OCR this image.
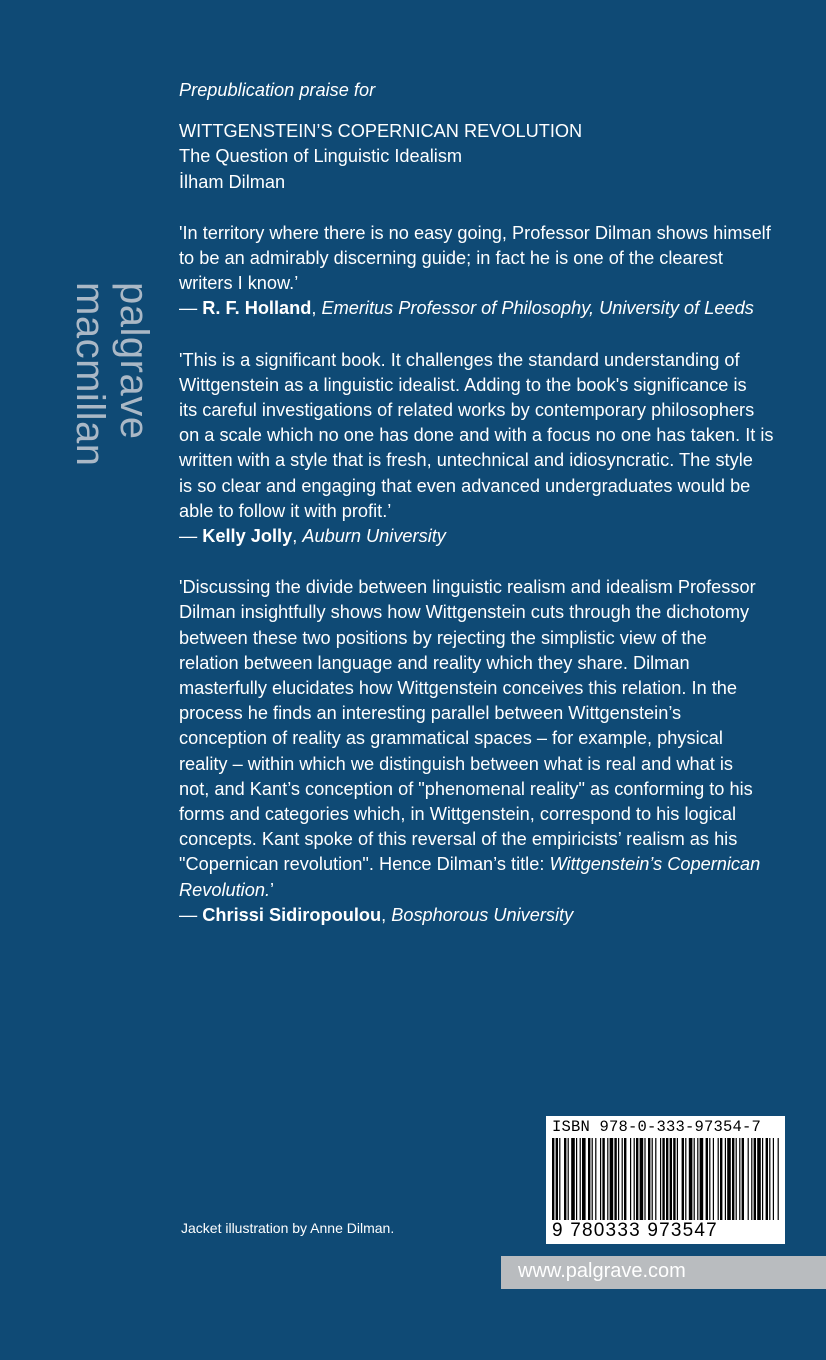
palgrave
macmillan

Prepublication praise for

WITTGENSTEIN’S COPERNICAN REVOLUTION

The Question of Linguistic Idealism

İlham Dilman

'In territory where there is no easy going, Professor Dilman shows himself

to be an admirably discerning guide; in fact he is one of the clearest

writers I know.’

— R. F. Holland, Emeritus Professor of Philosophy, University of Leeds

'This is a significant book. It challenges the standard understanding of

Wittgenstein as a linguistic idealist. Adding to the book's significance is

its careful investigations of related works by contemporary philosophers

on a scale which no one has done and with a focus no one has taken. It is

written with a style that is fresh, untechnical and idiosyncratic. The style

is so clear and engaging that even advanced undergraduates would be

able to follow it with profit.’

— Kelly Jolly, Auburn University

'Discussing the divide between linguistic realism and idealism Professor

Dilman insightfully shows how Wittgenstein cuts through the dichotomy

between these two positions by rejecting the simplistic view of the

relation between language and reality which they share. Dilman

masterfully elucidates how Wittgenstein conceives this relation. In the

process he finds an interesting parallel between Wittgenstein’s

conception of reality as grammatical spaces – for example, physical

reality – within which we distinguish between what is real and what is

not, and Kant’s conception of "phenomenal reality" as conforming to his

forms and categories which, in Wittgenstein, correspond to his logical

concepts. Kant spoke of this reversal of the empiricists’ realism as his

"Copernican revolution". Hence Dilman’s title: Wittgenstein’s Copernican

Revolution.’

— Chrissi Sidiropoulou, Bosphorous University

Jacket illustration by Anne Dilman.
ISBN 978-0-333-97354-7
9 780333 973547
www.palgrave.com
